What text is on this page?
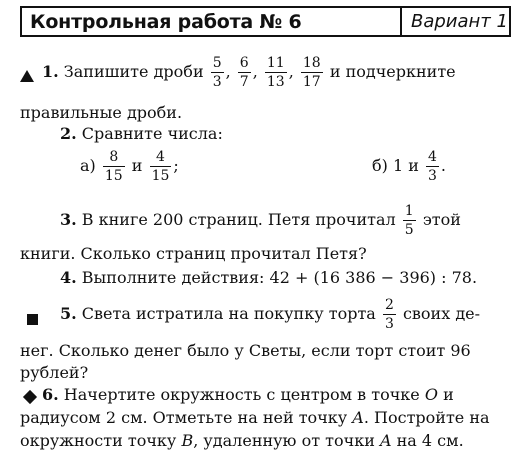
Контрольная работа № 6	Вариант 1
1. Запишите дроби $\frac{5}{3}$ , $\frac{6}{7}$ , $\frac{11}{13}$ , $\frac{18}{17}$ и подчеркните
правильные дроби.
2. Сравните числа:
$а) \frac{8}{15}$ и $\frac{4}{15}$ ;	б) 1 и $\frac{4}{3}$ .
3. В книге 200 страниц. Петя прочитал $\frac{1}{5}$ этой
книги. Сколько страниц прочитал Петя?
4. Выполните действия: 42 + (16 386 − 396) : 78.
5. Света истратила на покупку торта $\frac{2}{3}$ своих де-
нег. Сколько денег было у Светы, если торт стоит 96
рублей?
6. Начертите окружность с центром в точке O и
радиусом 2 см. Отметьте на ней точку A. Постройте на
окружности точку B, удаленную от точки A на 4 см.
